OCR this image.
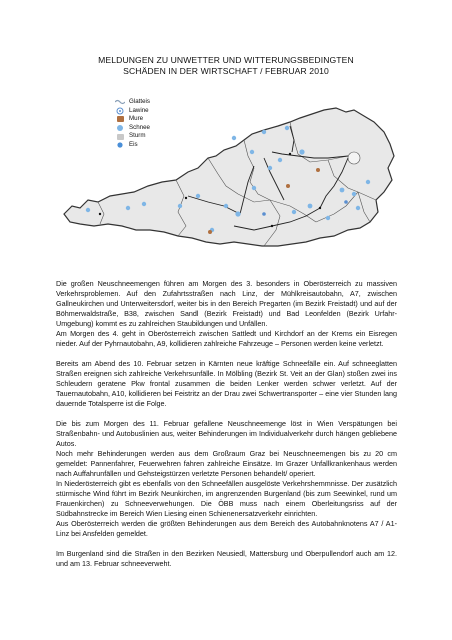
MELDUNGEN ZU UNWETTER UND WITTERUNGSBEDINGTEN
SCHÄDEN IN DER WIRTSCHAFT / FEBRUAR 2010
Glatteis
Lawine
Mure
Schnee
Sturm
Eis

Die großen Neuschneemengen führen am Morgen des 3. besonders in Oberösterreich zu massiven Verkehrsproblemen. Auf den Zufahrtsstraßen nach Linz, der Mühlkreisautobahn, A7, zwischen Gallneukirchen und Unterweitersdorf, weiter bis in den Bereich Pregarten (im Bezirk Freistadt) und auf der Böhmerwaldstraße, B38, zwischen Sandl (Bezirk Freistadt) und Bad Leonfelden (Bezirk Urfahr- Umgebung) kommt es zu zahlreichen Staubildungen und Unfällen.
Am Morgen des 4. geht in Oberösterreich zwischen Sattledt und Kirchdorf an der Krems ein Eisregen nieder. Auf der Pyhrnautobahn, A9, kollidieren zahlreiche Fahrzeuge – Personen werden keine verletzt.

Bereits am Abend des 10. Februar setzen in Kärnten neue kräftige Schneefälle ein. Auf schneeglatten Straßen ereignen sich zahlreiche Verkehrsunfälle. In Mölbling (Bezirk St. Veit an der Glan) stoßen zwei ins Schleudern geratene Pkw frontal zusammen die beiden Lenker werden schwer verletzt. Auf der Tauernautobahn, A10, kollidieren bei Feistritz an der Drau zwei Schwertransporter – eine vier Stunden lang dauernde Totalsperre ist die Folge.

Die bis zum Morgen des 11. Februar gefallene Neuschneemenge löst in Wien Verspätungen bei Straßenbahn- und Autobuslinien aus, weiter Behinderungen im Individualverkehr durch hängen gebliebene Autos.
Noch mehr Behinderungen werden aus dem Großraum Graz bei Neuschneemengen bis zu 20 cm gemeldet: Pannenfahrer, Feuerwehren fahren zahlreiche Einsätze. Im Grazer Unfallkrankenhaus werden nach Auffahrunfällen und Gehsteigstürzen verletzte Personen behandelt/ operiert.
In Niederösterreich gibt es ebenfalls von den Schneefällen ausgelöste Verkehrshemmnisse. Der zusätzlich stürmische Wind führt im Bezirk Neunkirchen, im angrenzenden Burgenland (bis zum Seewinkel, rund um Frauenkirchen) zu Schneeverwehungen. Die ÖBB muss nach einem Oberleitungsriss auf der Südbahnstrecke im Bereich Wien Liesing einen Schienenersatzverkehr einrichten.
Aus Oberösterreich werden die größten Behinderungen aus dem Bereich des Autobahnknotens A7 / A1- Linz bei Ansfelden gemeldet.

Im Burgenland sind die Straßen in den Bezirken Neusiedl, Mattersburg und Oberpullendorf auch am 12. und am 13. Februar schneeverweht.
